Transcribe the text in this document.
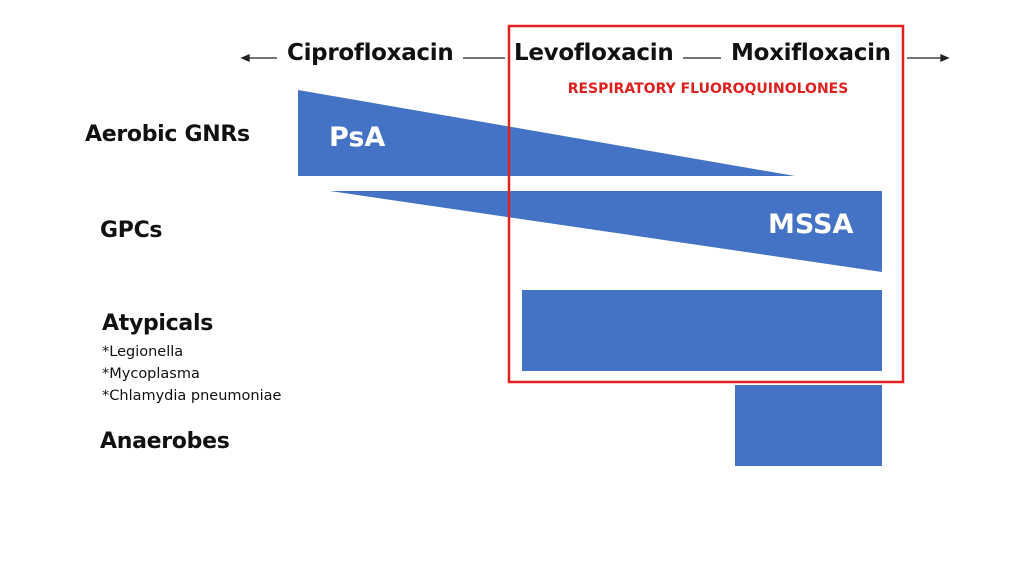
Ciprofloxacin	Levofloxacin	Moxifloxacin
RESPIRATORY FLUOROQUINOLONES
Aerobic GNRs
GPCs
Atypicals
*Legionella
*Mycoplasma
*Chlamydia pneumoniae
Anaerobes
PsA
MSSA
